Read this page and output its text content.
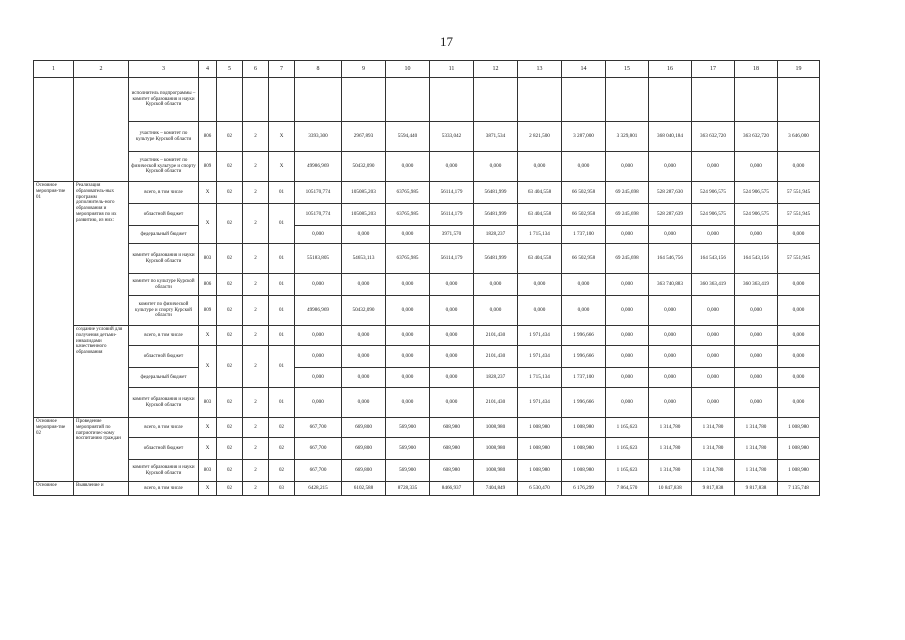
17
1	2	3	4	5	6	7	8	9	10	11	12	13	14	15	16	17	18	19
		исполнитель подпрограммы – комитет образования и науки Курской области																
		участник – комитет по культуре Курской области	806	02	2	X	3393,300	2967,893	5594,440	5333,042	3871,534	2 821,500	3 287,000	3 329,801	368 040,184	363 632,720	363 632,720	3 646,000
		участник – комитет по физической культуре и спорту Курской области	809	02	2	X	49986,969	50432,090	0,000	0,000	0,000	0,000	0,000	0,000	0,000	0,000	0,000	0,000
Основное мероприя-тие 01	Реализация образователь-ных программ дополнитель-ного образования и мероприятия по их развитию, из них:	всего, в том числе	X	02	2	01	105170,774	105085,203	63765,985	56114,179	56481,999	63 404,558	66 502,958	69 245,698	528 287,630	524 906,575	524 906,575	57 551,945
		областной бюджет	X	02	2	01	105170,774	105085,203	63765,985	56114,179	56481,999	63 404,558	66 502,958	69 245,698	528 287,639	524 906,575	524 906,575	57 551,945
		федеральный бюджет					0,000	0,000	0,000	3971,570	1828,237	1 715,134	1 737,100	0,000	0,000	0,000	0,000	0,000
		комитет образования и науки Курской области	803	02	2	01	55183,805	54653,113	63765,985	56114,179	56481,999	63 404,558	66 502,958	69 245,698	164 546,756	164 543,156	164 543,156	57 551,945
		комитет по культуре Курской области	806	02	2	01	0,000	0,000	0,000	0,000	0,000	0,000	0,000	0,000	363 740,883	360 363,419	360 363,419	0,000
		комитет по физической культуре и спорту Курской области	809	02	2	01	49986,969	50432,090	0,000	0,000	0,000	0,000	0,000	0,000	0,000	0,000	0,000	0,000
	создание условий для получения детьми-инвалидами качественного образования	всего, в том числе	X	02	2	01	0,000	0,000	0,000	0,000	2101,430	1 971,434	1 996,666	0,000	0,000	0,000	0,000	0,000
		областной бюджет	X	02	2	01	0,000	0,000	0,000	0,000	2101,430	1 971,434	1 996,666	0,000	0,000	0,000	0,000	0,000
		федеральный бюджет					0,000	0,000	0,000	0,000	1828,237	1 715,134	1 737,100	0,000	0,000	0,000	0,000	0,000
		комитет образования и науки Курской области	803	02	2	01	0,000	0,000	0,000	0,000	2101,430	1 971,434	1 996,666	0,000	0,000	0,000	0,000	0,000
Основное мероприя-тие 02	Проведение мероприятий по патриотичес-кому воспитанию граждан	всего, в том числе	X	02	2	02	667,700	669,800	569,900	608,980	1008,980	1 008,980	1 008,980	1 165,623	1 314,780	1 314,780	1 314,780	1 008,980
		областной бюджет	X	02	2	02	667,700	669,800	569,900	608,980	1008,980	1 008,980	1 008,980	1 165,623	1 314,780	1 314,780	1 314,780	1 008,980
		комитет образования и науки Курской области	803	02	2	02	667,700	669,800	569,900	608,980	1008,980	1 008,980	1 008,980	1 165,623	1 314,780	1 314,780	1 314,780	1 008,980
Основное	Выявление и	всего, в том числе	X	02	2	03	6428,215	6102,588	8728,335	8466,937	7404,849	6 530,470	6 176,299	7 864,570	10 847,838	9 817,838	9 817,838	7 135,748
